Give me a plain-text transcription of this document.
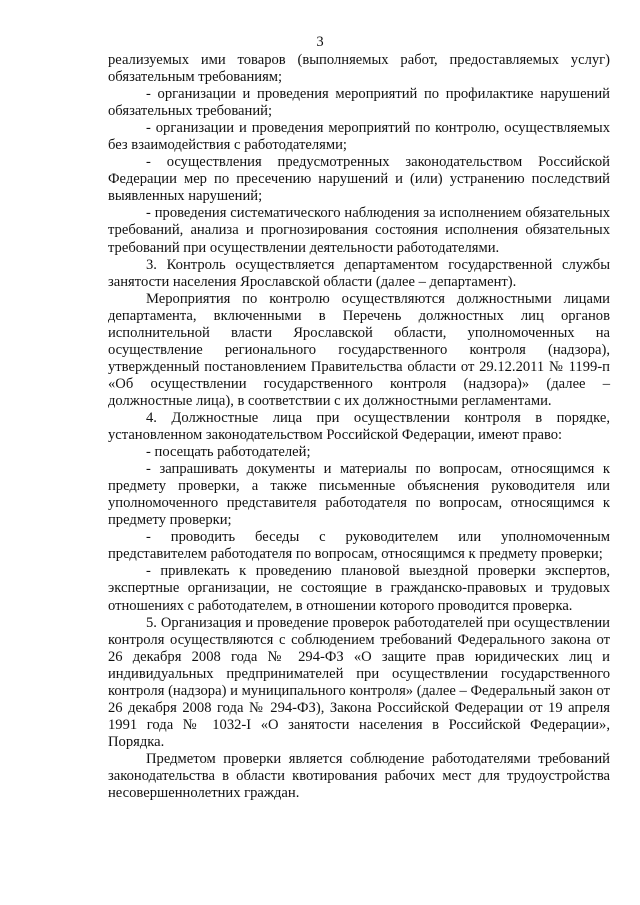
3

реализуемых ими товаров (выполняемых работ, предоставляемых услуг) обязательным требованиям;

- организации и проведения мероприятий по профилактике нарушений обязательных требований;

- организации и проведения мероприятий по контролю, осуществляемых без взаимодействия с работодателями;

- осуществления предусмотренных законодательством Российской Федерации мер по пресечению нарушений и (или) устранению последствий выявленных нарушений;

- проведения систематического наблюдения за исполнением обязательных требований, анализа и прогнозирования состояния исполнения обязательных требований при осуществлении деятельности работодателями.

3. Контроль осуществляется департаментом государственной службы занятости населения Ярославской области (далее – департамент).

Мероприятия по контролю осуществляются должностными лицами департамента, включенными в Перечень должностных лиц органов исполнительной власти Ярославской области, уполномоченных на осуществление регионального государственного контроля (надзора), утвержденный постановлением Правительства области от 29.12.2011 № 1199-п «Об осуществлении государственного контроля (надзора)» (далее – должностные лица), в соответствии с их должностными регламентами.

4. Должностные лица при осуществлении контроля в порядке, установленном законодательством Российской Федерации, имеют право:

- посещать работодателей;

- запрашивать документы и материалы по вопросам, относящимся к предмету проверки, а также письменные объяснения руководителя или уполномоченного представителя работодателя по вопросам, относящимся к предмету проверки;

- проводить беседы с руководителем или уполномоченным представителем работодателя по вопросам, относящимся к предмету проверки;

- привлекать к проведению плановой выездной проверки экспертов, экспертные организации, не состоящие в гражданско-правовых и трудовых отношениях с работодателем, в отношении которого проводится проверка.

5. Организация и проведение проверок работодателей при осуществлении контроля осуществляются с соблюдением требований Федерального закона от 26 декабря 2008 года № 294-ФЗ «О защите прав юридических лиц и индивидуальных предпринимателей при осуществлении государственного контроля (надзора) и муниципального контроля» (далее – Федеральный закон от 26 декабря 2008 года № 294-ФЗ), Закона Российской Федерации от 19 апреля 1991 года № 1032-I «О занятости населения в Российской Федерации», Порядка.

Предметом проверки является соблюдение работодателями требований законодательства в области квотирования рабочих мест для трудоустройства несовершеннолетних граждан.
